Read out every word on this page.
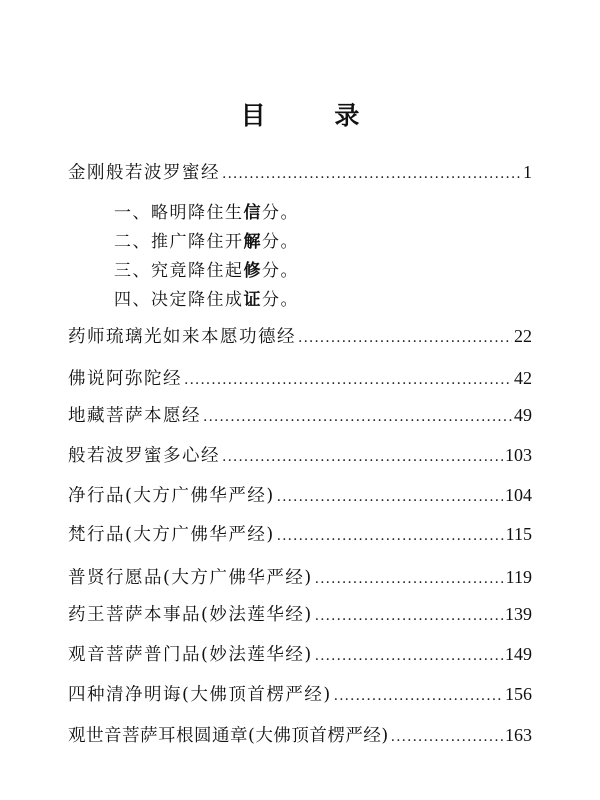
目 录
金刚般若波罗蜜经 .....	1
一、略明降住生信分。
二、推广降住开解分。
三、究竟降住起修分。
四、决定降住成证分。
药师琉璃光如来本愿功德经 .....	22
佛说阿弥陀经 .....	42
地藏菩萨本愿经 .....	49
般若波罗蜜多心经 .....	103
净行品(大方广佛华严经) .....	104
梵行品(大方广佛华严经) .....	115
普贤行愿品(大方广佛华严经) .....	119
药王菩萨本事品(妙法莲华经) .....	139
观音菩萨普门品(妙法莲华经) .....	149
四种清净明诲(大佛顶首楞严经) .....	156
观世音菩萨耳根圆通章(大佛顶首楞严经) .....	163
